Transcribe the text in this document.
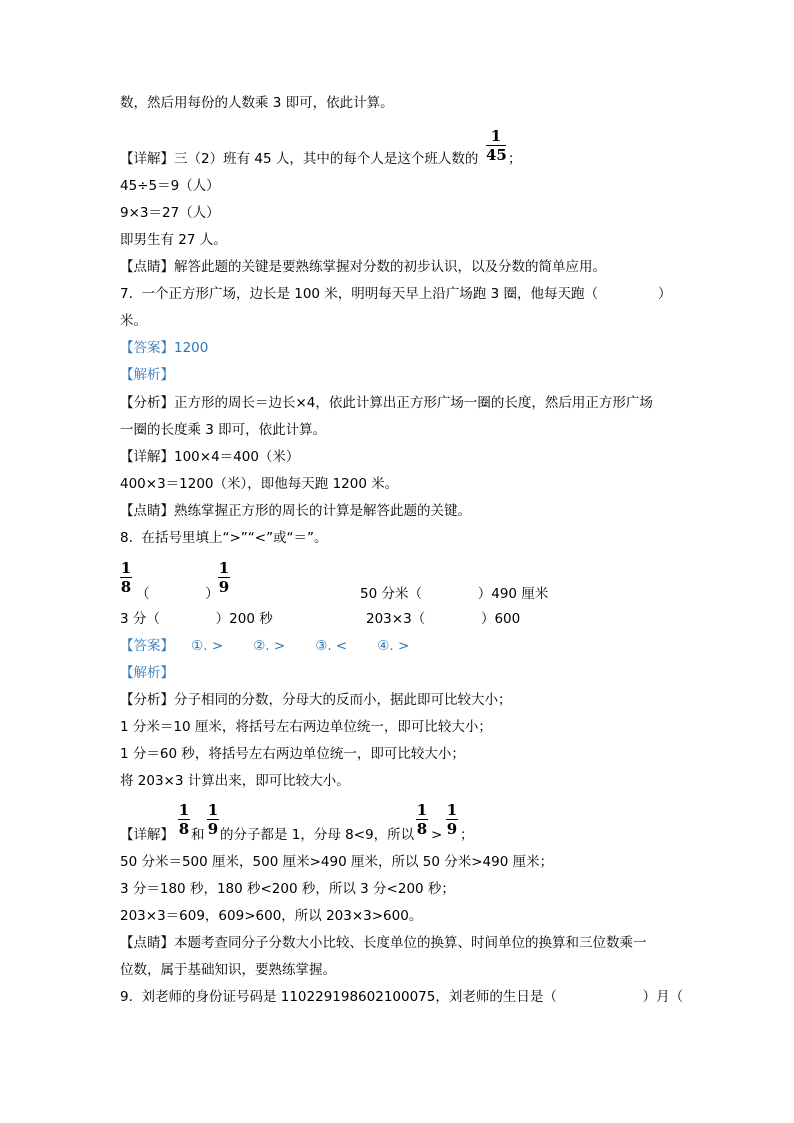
数，然后用每份的人数乘 3 即可，依此计算。
【详解】三（2）班有 45 人，其中的每个人是这个班人数的
1
45 ；
45÷5＝9（人）
9×3＝27（人）
即男生有 27 人。
【点睛】解答此题的关键是要熟练掌握对分数的初步认识，以及分数的简单应用。
7.  一个正方形广场，边长是 100 米，明明每天早上沿广场跑 3 圈，他每天跑（              ）
米。
【答案】1200
【解析】
【分析】正方形的周长＝边长×4，依此计算出正方形广场一圈的长度，然后用正方形广场
一圈的长度乘 3 即可，依此计算。
【详解】100×4＝400（米）
400×3＝1200（米），即他每天跑 1200 米。
【点睛】熟练掌握正方形的周长的计算是解答此题的关键。
8.  在括号里填上“>”“<”或“＝”。
1
8 （             ）
1
9	50 分米（             ）490 厘米
3 分（             ）200 秒	203×3（             ）600
【答案】    ①. >       ②. >       ③. <       ④. >
【解析】
【分析】分子相同的分数，分母大的反而小，据此即可比较大小；
1 分米＝10 厘米，将括号左右两边单位统一，即可比较大小；
1 分＝60 秒，将括号左右两边单位统一，即可比较大小；
将 203×3 计算出来，即可比较大小。
【详解】
1
8 和
1
9 的分子都是 1，分母 8<9，所以
1
8 >
1
9 ；
50 分米＝500 厘米，500 厘米>490 厘米，所以 50 分米>490 厘米；
3 分＝180 秒，180 秒<200 秒，所以 3 分<200 秒；
203×3＝609，609>600，所以 203×3>600。
【点睛】本题考查同分子分数大小比较、长度单位的换算、时间单位的换算和三位数乘一
位数，属于基础知识，要熟练掌握。
9.  刘老师的身份证号码是 110229198602100075，刘老师的生日是（                    ）月（
